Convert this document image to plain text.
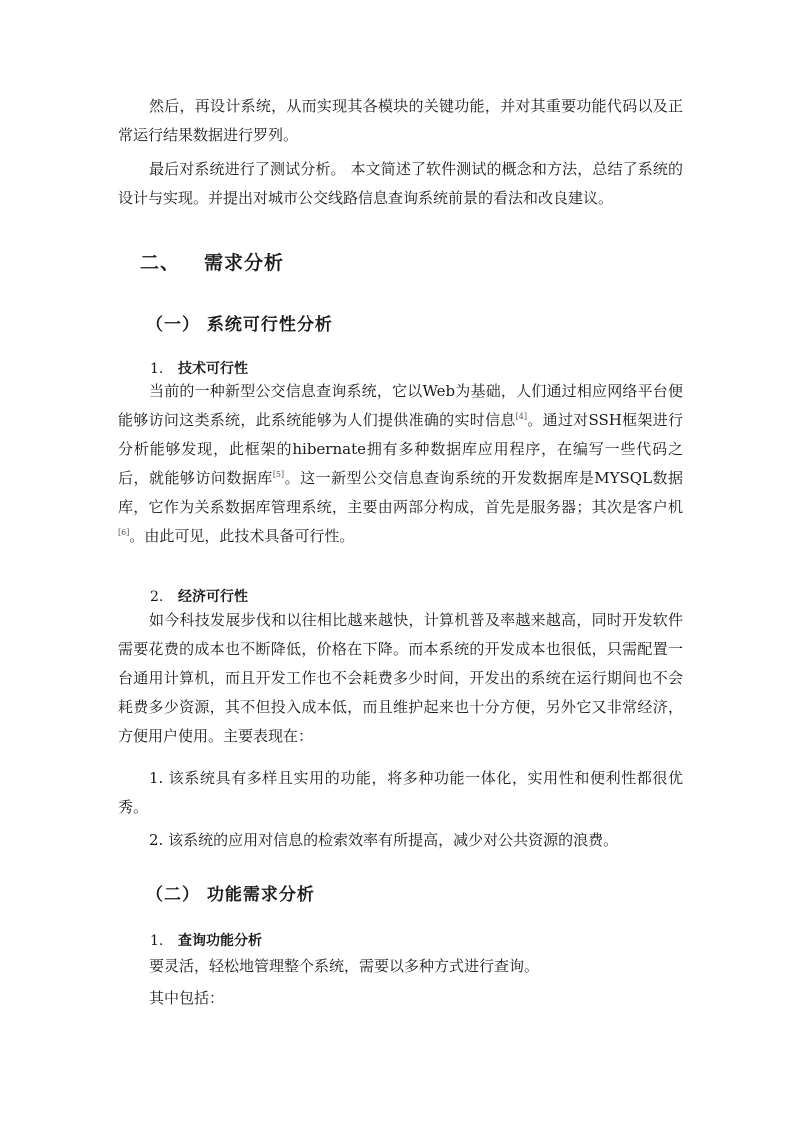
然后，再设计系统，从而实现其各模块的关键功能，并对其重要功能代码以及正常运行结果数据进行罗列。

最后对系统进行了测试分析。 本文简述了软件测试的概念和方法，总结了系统的设计与实现。并提出对城市公交线路信息查询系统前景的看法和改良建议。

二、 需求分析
（一） 系统可行性分析
1. 技术可行性

当前的一种新型公交信息查询系统，它以Web为基础，人们通过相应网络平台便能够访问这类系统，此系统能够为人们提供准确的实时信息[4]。通过对SSH框架进行分析能够发现，此框架的hibernate拥有多种数据库应用程序，在编写一些代码之后，就能够访问数据库[5]。这一新型公交信息查询系统的开发数据库是MYSQL数据库，它作为关系数据库管理系统，主要由两部分构成，首先是服务器；其次是客户机[6]。由此可见，此技术具备可行性。

2. 经济可行性

如今科技发展步伐和以往相比越来越快，计算机普及率越来越高，同时开发软件需要花费的成本也不断降低，价格在下降。而本系统的开发成本也很低，只需配置一台通用计算机，而且开发工作也不会耗费多少时间，开发出的系统在运行期间也不会耗费多少资源，其不但投入成本低，而且维护起来也十分方便，另外它又非常经济，方便用户使用。主要表现在：

1. 该系统具有多样且实用的功能，将多种功能一体化，实用性和便利性都很优秀。

2. 该系统的应用对信息的检索效率有所提高，减少对公共资源的浪费。

（二） 功能需求分析
1. 查询功能分析

要灵活，轻松地管理整个系统，需要以多种方式进行查询。

其中包括：
